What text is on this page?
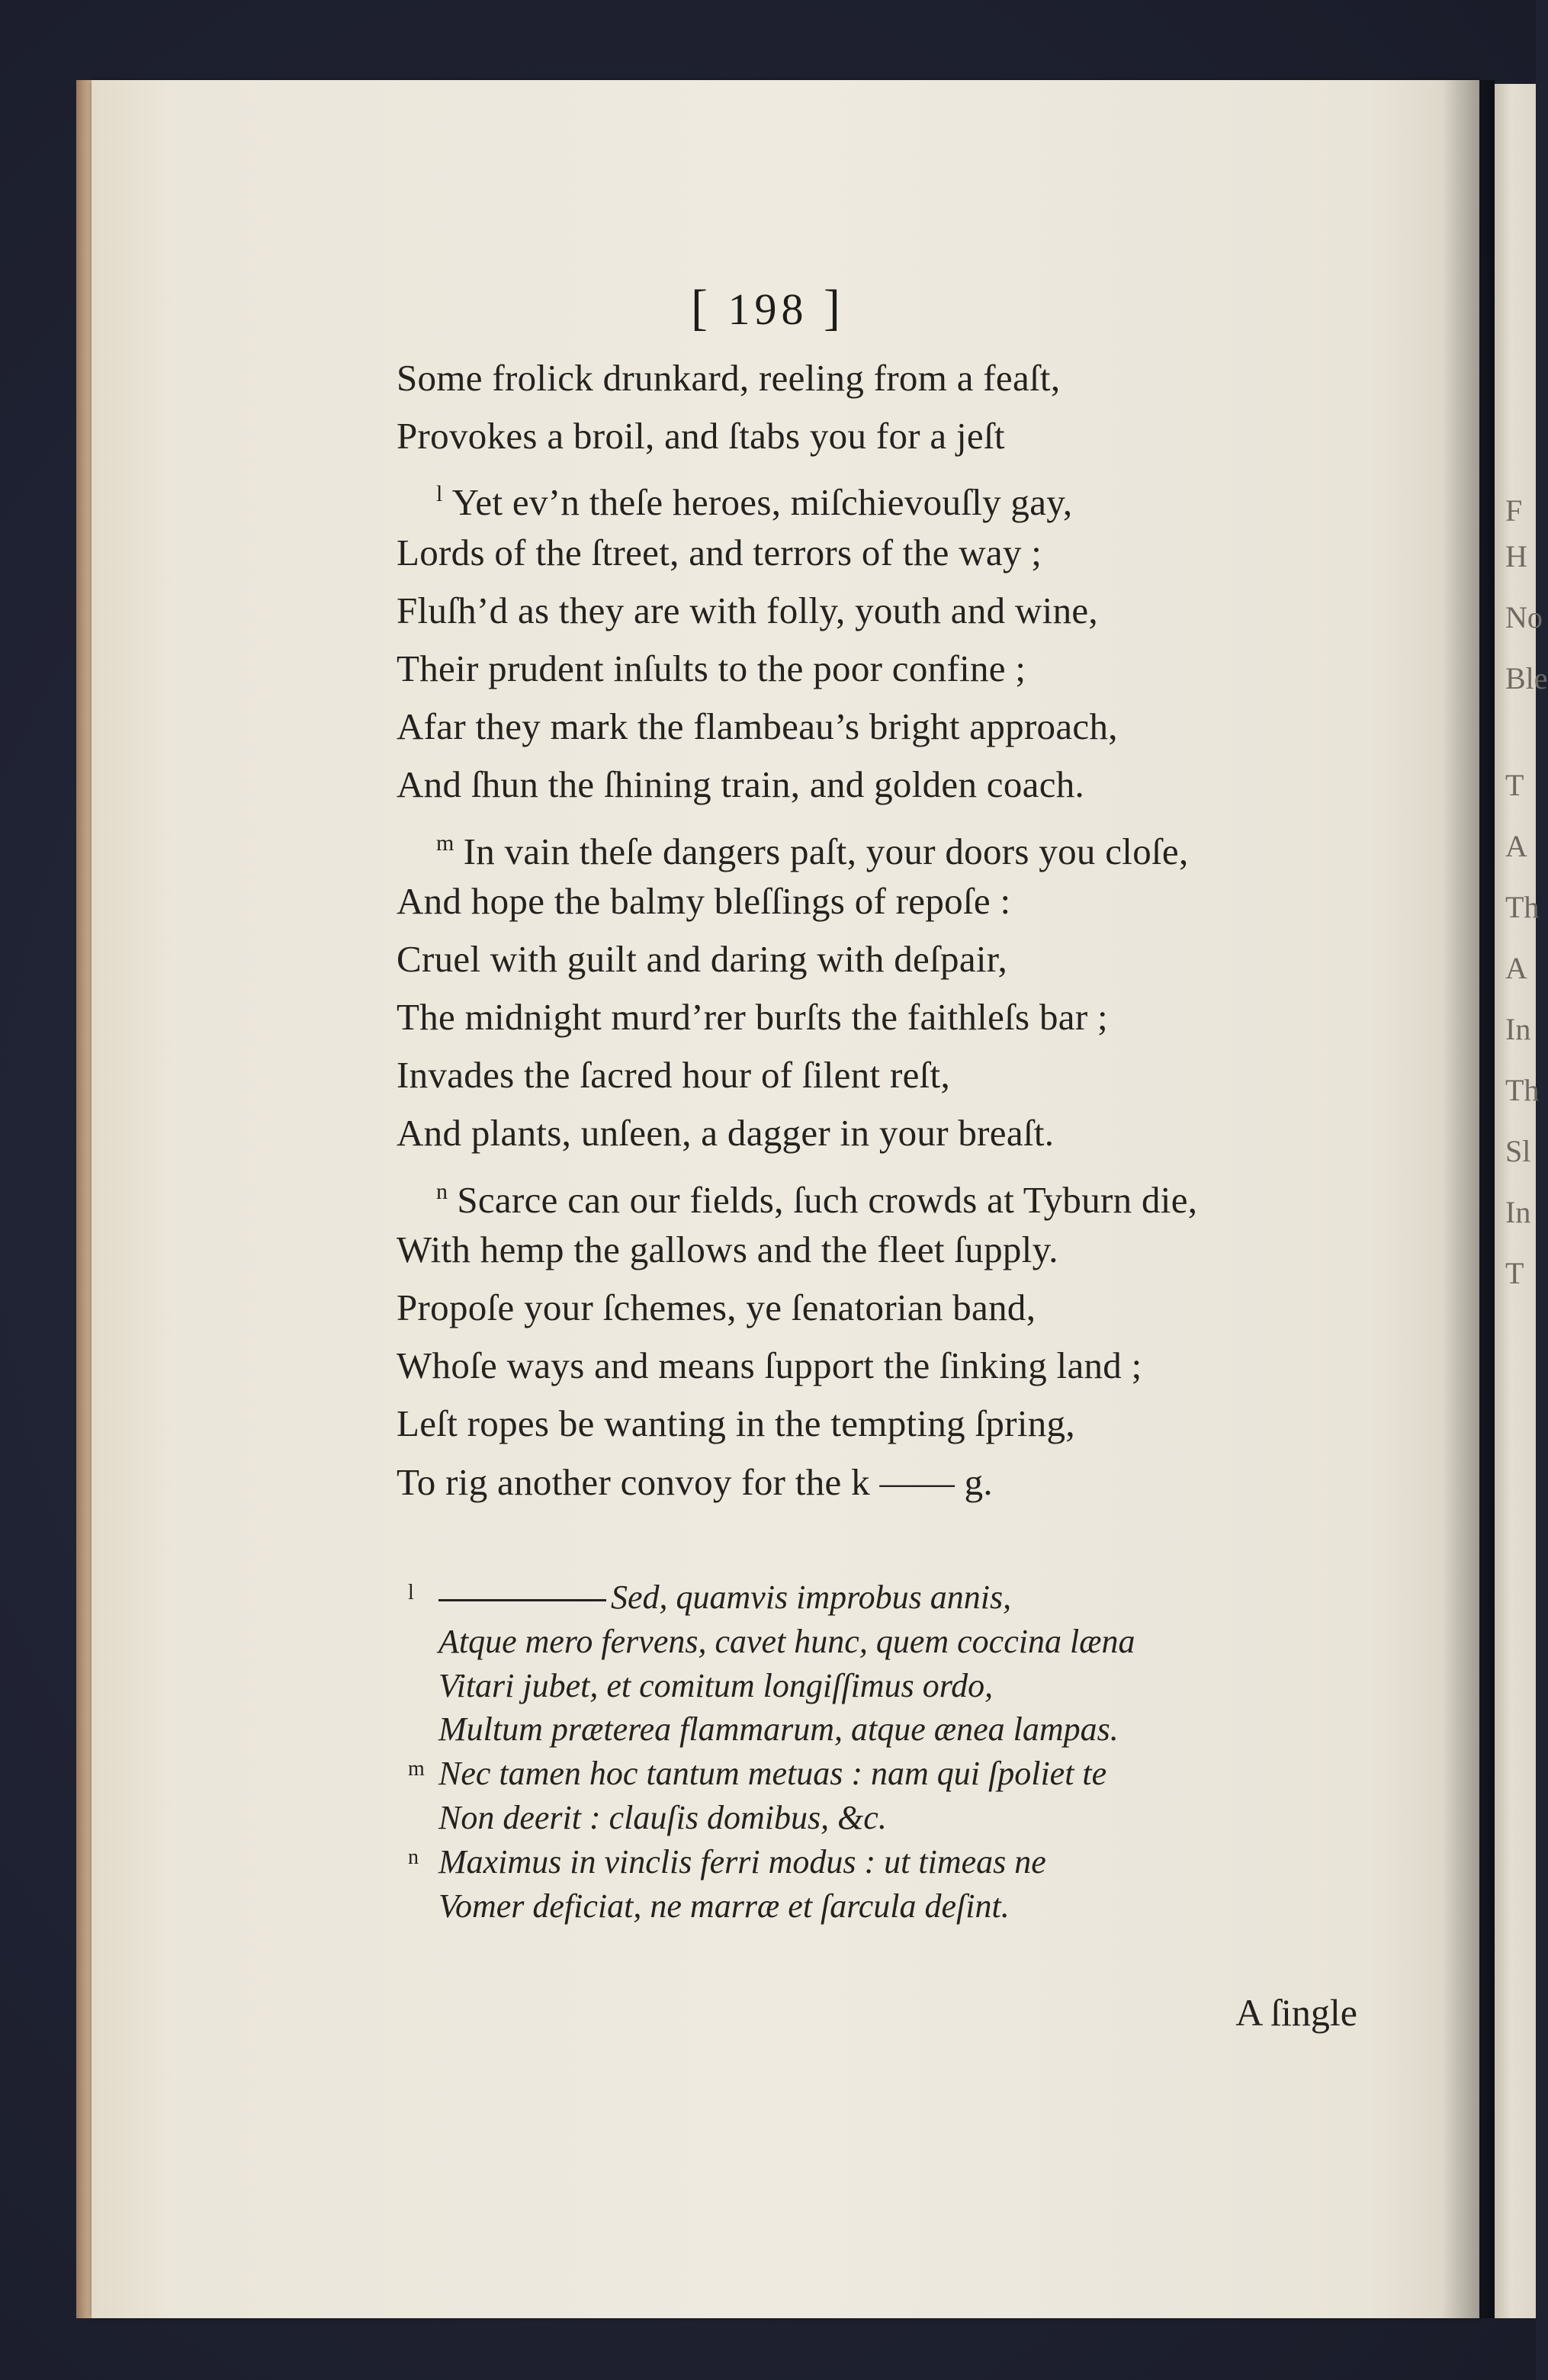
F
H
No
Ble
T
A
Th
A
In
Th
Sl
In
T
[ 198 ]
Some frolick drunkard, reeling from a feaſt,
Provokes a broil, and ſtabs you for a jeſt
$^l$ Yet ev’n theſe heroes, miſchievouſly gay,
Lords of the ſtreet, and terrors of the way ;
Fluſh’d as they are with folly, youth and wine,
Their prudent inſults to the poor confine ;
Afar they mark the flambeau’s bright approach,
And ſhun the ſhining train, and golden coach.
$^m$ In vain theſe dangers paſt, your doors you cloſe,
And hope the balmy bleſſings of repoſe :
Cruel with guilt and daring with deſpair,
The midnight murd’rer burſts the faithleſs bar ;
Invades the ſacred hour of ſilent reſt,
And plants, unſeen, a dagger in your breaſt.
$^n$ Scarce can our fields, ſuch crowds at Tyburn die,
With hemp the gallows and the fleet ſupply.
Propoſe your ſchemes, ye ſenatorian band,
Whoſe ways and means ſupport the ſinking land ;
Leſt ropes be wanting in the tempting ſpring,
To rig another convoy for the k —— g.
l	Sed, quamvis improbus annis,
Atque mero fervens, cavet hunc, quem coccina læna
Vitari jubet, et comitum longiſſimus ordo,
Multum præterea flammarum, atque ænea lampas.
m Nec tamen hoc tantum metuas : nam qui ſpoliet te
Non deerit : clauſis domibus, &c.
n Maximus in vinclis ferri modus : ut timeas ne
Vomer deficiat, ne marræ et ſarcula deſint.
A ſingle
